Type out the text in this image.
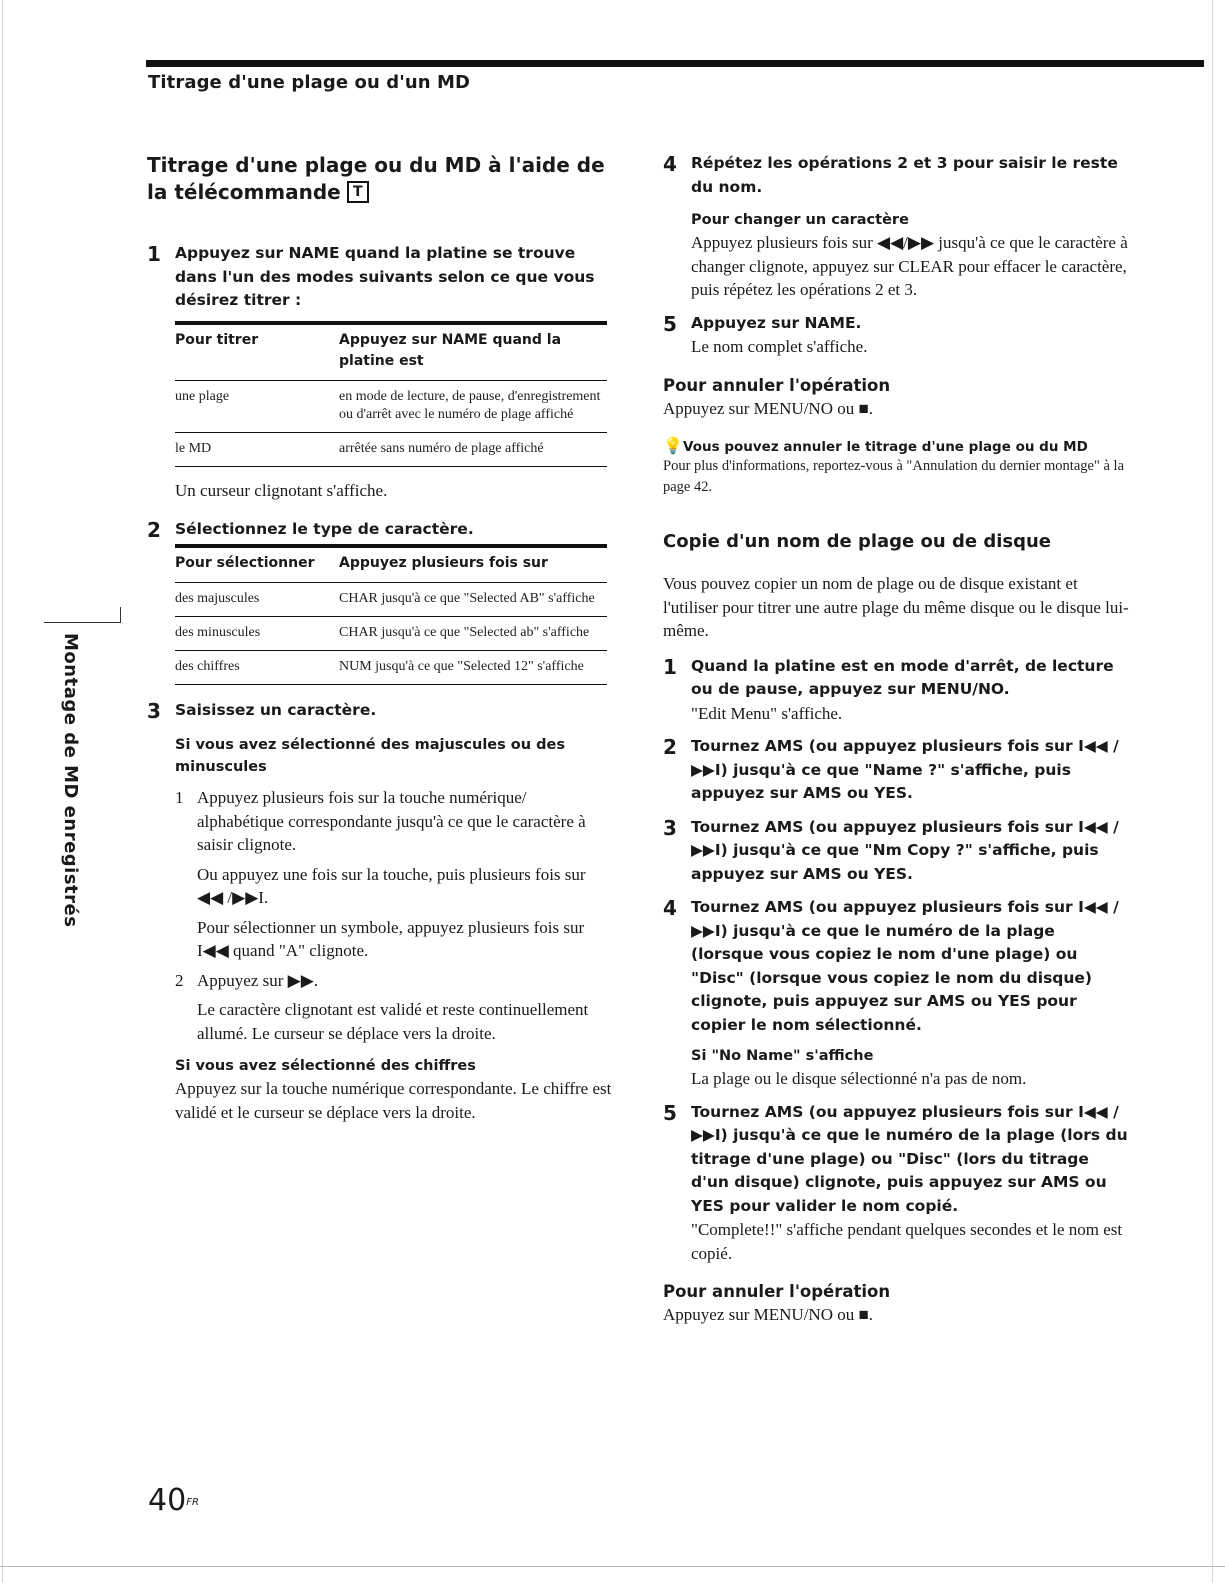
Titrage d'une plage ou d'un MD
Montage de MD enregistrés
Titrage d'une plage ou du MD à l'aide de la télécommande T
1 Appuyez sur NAME quand la platine se trouve dans l'un des modes suivants selon ce que vous désirez titrer :
Pour titrer	Appuyez sur NAME quand la platine est
une plage	en mode de lecture, de pause, d'enregistrement ou d'arrêt avec le numéro de plage affiché
le MD	arrêtée sans numéro de plage affiché
Un curseur clignotant s'affiche.
2 Sélectionnez le type de caractère.
Pour sélectionner	Appuyez plusieurs fois sur
des majuscules	CHAR jusqu'à ce que "Selected AB" s'affiche
des minuscules	CHAR jusqu'à ce que "Selected ab" s'affiche
des chiffres	NUM jusqu'à ce que "Selected 12" s'affiche
3 Saisissez un caractère.
Si vous avez sélectionné des majuscules ou des minuscules
1 Appuyez plusieurs fois sur la touche numérique/ alphabétique correspondante jusqu'à ce que le caractère à saisir clignote.
Ou appuyez une fois sur la touche, puis plusieurs fois sur ◀◀ /▶▶I.
Pour sélectionner un symbole, appuyez plusieurs fois sur I◀◀ quand "A" clignote.
2 Appuyez sur ▶▶.
Le caractère clignotant est validé et reste continuellement allumé. Le curseur se déplace vers la droite.
Si vous avez sélectionné des chiffres
Appuyez sur la touche numérique correspondante. Le chiffre est validé et le curseur se déplace vers la droite.
4 Répétez les opérations 2 et 3 pour saisir le reste du nom.
Pour changer un caractère
Appuyez plusieurs fois sur ◀◀/▶▶ jusqu'à ce que le caractère à changer clignote, appuyez sur CLEAR pour effacer le caractère, puis répétez les opérations 2 et 3.
5 Appuyez sur NAME.
Le nom complet s'affiche.
Pour annuler l'opération
Appuyez sur MENU/NO ou ■.
💡Vous pouvez annuler le titrage d'une plage ou du MD
Pour plus d'informations, reportez-vous à "Annulation du dernier montage" à la page 42.
Copie d'un nom de plage ou de disque
Vous pouvez copier un nom de plage ou de disque existant et l'utiliser pour titrer une autre plage du même disque ou le disque lui-même.
1 Quand la platine est en mode d'arrêt, de lecture ou de pause, appuyez sur MENU/NO.
"Edit Menu" s'affiche.
2 Tournez AMS (ou appuyez plusieurs fois sur I◀◀ /▶▶I) jusqu'à ce que "Name ?" s'affiche, puis appuyez sur AMS ou YES.
3 Tournez AMS (ou appuyez plusieurs fois sur I◀◀ /▶▶I) jusqu'à ce que "Nm Copy ?" s'affiche, puis appuyez sur AMS ou YES.
4 Tournez AMS (ou appuyez plusieurs fois sur I◀◀ /▶▶I) jusqu'à ce que le numéro de la plage (lorsque vous copiez le nom d'une plage) ou "Disc" (lorsque vous copiez le nom du disque) clignote, puis appuyez sur AMS ou YES pour copier le nom sélectionné.
Si "No Name" s'affiche
La plage ou le disque sélectionné n'a pas de nom.
5 Tournez AMS (ou appuyez plusieurs fois sur I◀◀ /▶▶I) jusqu'à ce que le numéro de la plage (lors du titrage d'une plage) ou "Disc" (lors du titrage d'un disque) clignote, puis appuyez sur AMS ou YES pour valider le nom copié.
"Complete!!" s'affiche pendant quelques secondes et le nom est copié.
Pour annuler l'opération
Appuyez sur MENU/NO ou ■.
$40^{FR}$
